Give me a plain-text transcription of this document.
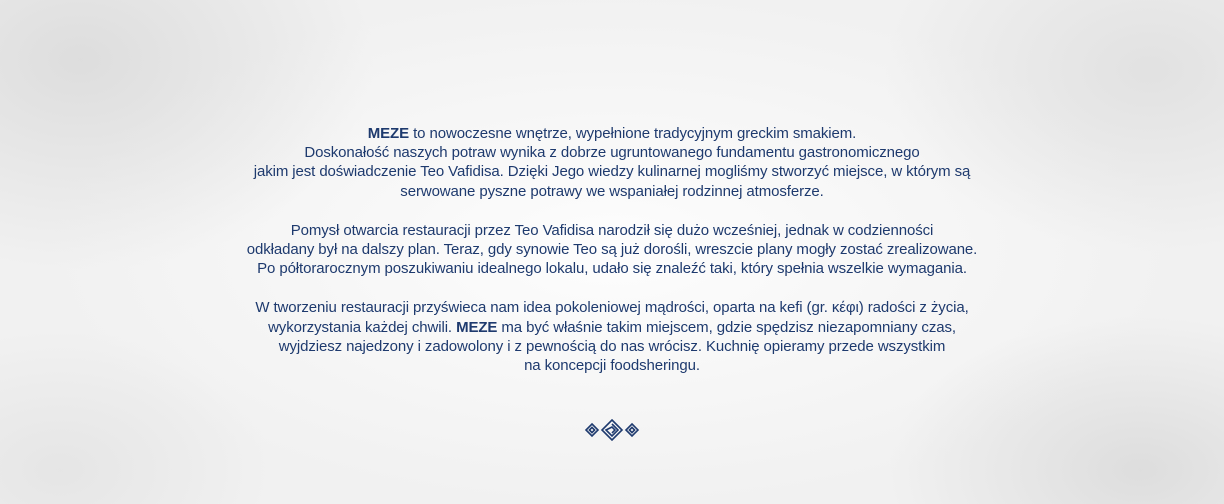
MEZE to nowoczesne wnętrze, wypełnione tradycyjnym greckim smakiem.
Doskonałość naszych potraw wynika z dobrze ugruntowanego fundamentu gastronomicznego
jakim jest doświadczenie Teo Vafidisa. Dzięki Jego wiedzy kulinarnej mogliśmy stworzyć miejsce, w którym są
serwowane pyszne potrawy we wspaniałej rodzinnej atmosferze.

Pomysł otwarcia restauracji przez Teo Vafidisa narodził się dużo wcześniej, jednak w codzienności
odkładany był na dalszy plan. Teraz, gdy synowie Teo są już dorośli, wreszcie plany mogły zostać zrealizowane.
Po półtorarocznym poszukiwaniu idealnego lokalu, udało się znaleźć taki, który spełnia wszelkie wymagania.

W tworzeniu restauracji przyświeca nam idea pokoleniowej mądrości, oparta na kefi (gr. κέφι) radości z życia,
wykorzystania każdej chwili. MEZE ma być właśnie takim miejscem, gdzie spędzisz niezapomniany czas,
wyjdziesz najedzony i zadowolony i z pewnością do nas wrócisz. Kuchnię opieramy przede wszystkim
na koncepcji foodsheringu.
